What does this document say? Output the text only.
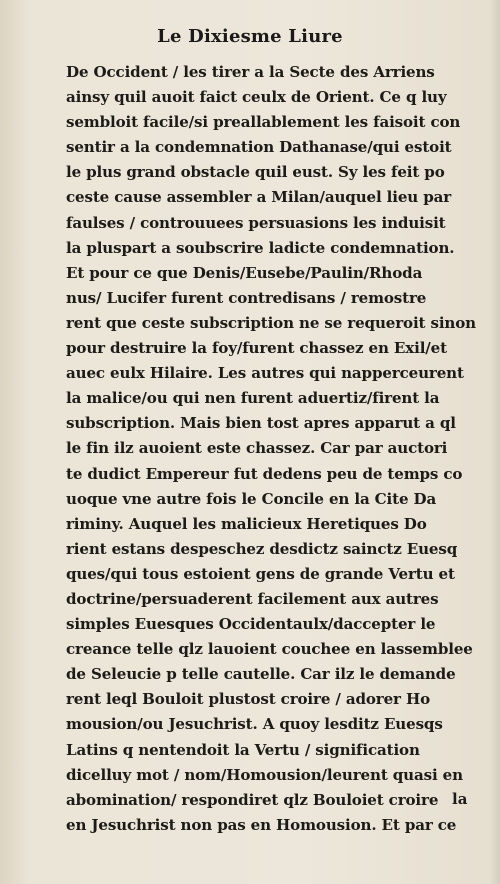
Le Dixiesme Liure
De Occident / les tirer a la Secte des Arriens
ainsy quil auoit faict ceulx de Orient. Ce q luy
sembloit facile/si preallablement les faisoit con
sentir a la condemnation Dathanase/qui estoit
le plus grand obstacle quil eust. Sy les feit po
ceste cause assembler a Milan/auquel lieu par
faulses / controuuees persuasions les induisit
la pluspart a soubscrire ladicte condemnation.
Et pour ce que Denis/Eusebe/Paulin/Rhoda
nus/ Lucifer furent contredisans / remostre
rent que ceste subscription ne se requeroit sinon
pour destruire la foy/furent chassez en Exil/et
auec eulx Hilaire. Les autres qui nappercеurent
la malice/ou qui nen furent aduertiz/firent la
subscription. Mais bien tost apres apparut a ql
le fin ilz auoient este chassez. Car par auctori
te dudict Empereur fut dedens peu de temps co
uoque vne autre fois le Concile en la Cite Da
riminy. Auquel les malicieux Heretiques Do
rient estans despeschez desdictz sainctz Euesq
ques/qui tous estoient gens de grande Vertu et
doctrine/persuaderent facilement aux autres
simples Euesques Occidentaulx/daccepter le
creance telle qlz lauoient couchee en lassemblee
de Seleucie p telle cautelle. Car ilz le demande
rent leql Bouloit plustost croire / adorer Ho
mousion/ou Jesuchrist. A quoy lesditz Euesqs
Latins q nentendoit la Vertu / signification
dicelluy mot / nom/Homousion/leurent quasi en
abomination/ respondiret qlz Bouloiet croire
en Jesuchrist non pas en Homousion. Et par ce
la
